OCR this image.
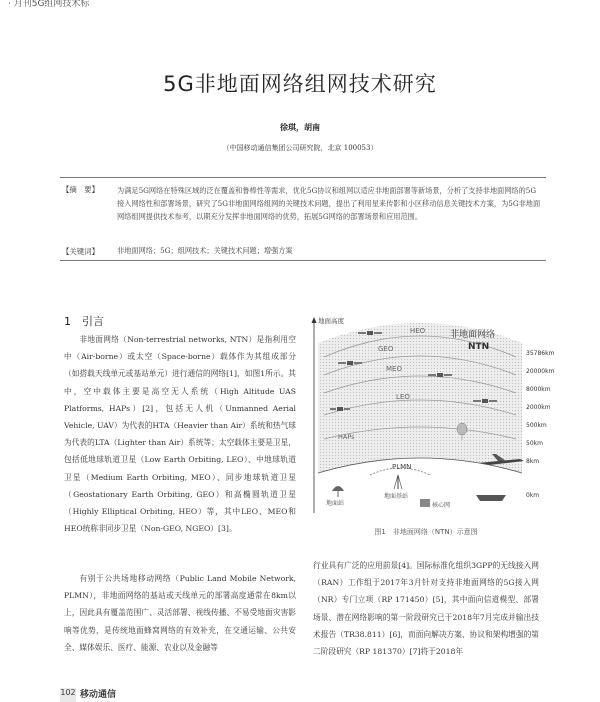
· 月刊5G组网技术标
5G非地面网络组网技术研究
徐琪，胡南
（中国移动通信集团公司研究院，北京 100053）
【摘　要】	为满足5G网络在特殊区域的泛在覆盖和鲁棒性等需求，优化5G协议和组网以适应非地面部署等新场景，分析了支持非地面网络的5G接入网络性和部署场景，研究了5G非地面网络组网的关键技术问题，提出了利用星来传影和小区移动信息关键技术方案，为5G非地面网络组网提供技术参考，以期充分发挥非地面网络的优势，拓展5G网络的部署场景和应用范围。
【关键词】	非地面网络；5G；组网技术；关键技术问题；增强方案
1　引言

非地面网络（Non-terrestrial networks, NTN）是指利用空中（Air-borne）或太空（Space-borne）载体作为其组成部分（如搭载天线单元或基站单元）进行通信的网络[1]，如图1所示。其中，空中载体主要是高空无人系统（High Altitude UAS Platforms, HAPs）[2]，包括无人机（Unmanned Aerial Vehicle, UAV）为代表的HTA（Heavier than Air）系统和热气球为代表的LTA（Lighter than Air）系统等；太空载体主要是卫星，包括低地球轨道卫星（Low Earth Orbiting, LEO）、中地球轨道卫星（Medium Earth Orbiting, MEO）、同步地球轨道卫星（Geostationary Earth Orbiting, GEO）和高椭圆轨道卫星（Highly Elliptical Orbiting, HEO）等，其中LEO、MEO和HEO统称非同步卫星（Non-GEO, NGEO）[3]。

有别于公共场地移动网络（Public Land Mobile Network, PLMN），非地面网络的基站或天线单元的部署高度通常在8km以上，因此具有覆盖范围广、灵活部署、视线传播、不易受地面灾害影响等优势，是传统地面蜂窝网络的有效补充，在交通运输、公共安全、媒体娱乐、医疗、能源、农业以及金融等

地面高度
HEO
GEO
MEO
LEO
HAPs
非地面网络
NTN
PLMN
地面基站
核心网
地面站
35786km
20000km
8000km
2000km
500km
50km
8km
0km
图1　非地面网络（NTN）示意图

行业具有广泛的应用前景[4]。国际标准化组织3GPP的无线接入网（RAN）工作组于2017年3月针对支持非地面网络的5G接入网（NR）专门立项（RP 171450）[5]，其中面向信道模型、部署场景、潜在网络影响的第一阶段研究已于2018年7月完成并输出技术报告（TR38.811）[6]，而面向解决方案、协议和架构增强的第二阶段研究（RP 181370）[7]将于2018年

102 移动通信
